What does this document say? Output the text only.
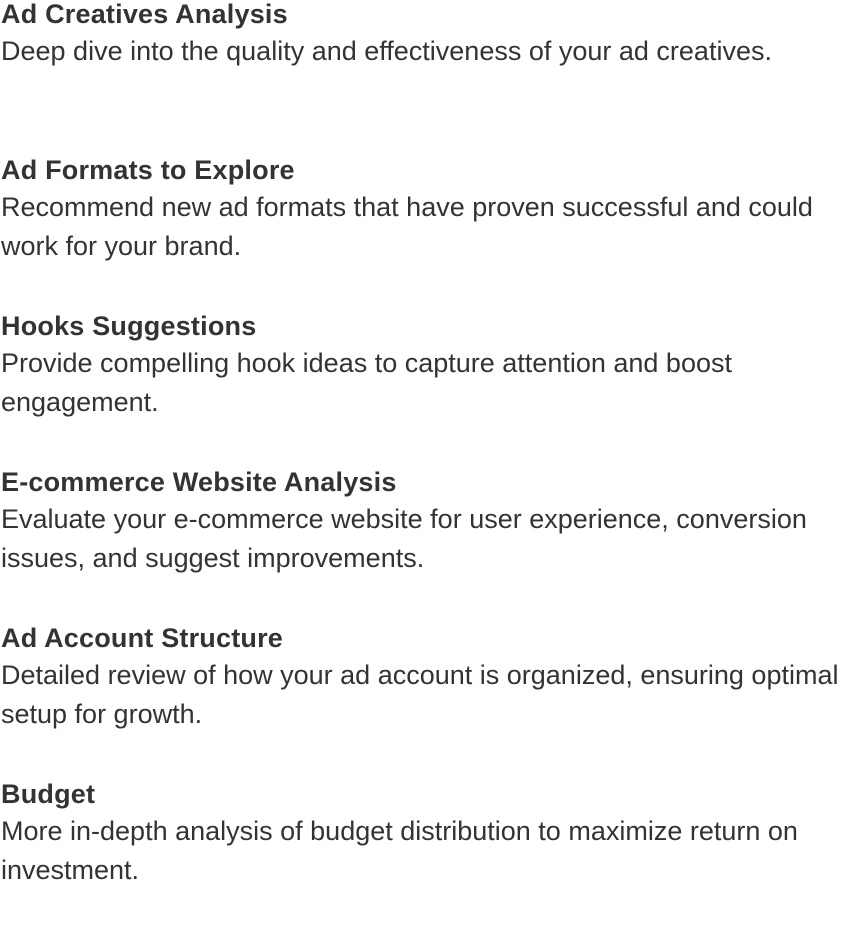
Ad Creatives Analysis
Deep dive into the quality and effectiveness of your ad creatives.
Ad Formats to Explore
Recommend new ad formats that have proven successful and could work for your brand.
Hooks Suggestions
Provide compelling hook ideas to capture attention and boost engagement.
E-commerce Website Analysis
Evaluate your e-commerce website for user experience, conversion issues, and suggest improvements.
Ad Account Structure
Detailed review of how your ad account is organized, ensuring optimal setup for growth.
Budget
More in-depth analysis of budget distribution to maximize return on investment.
